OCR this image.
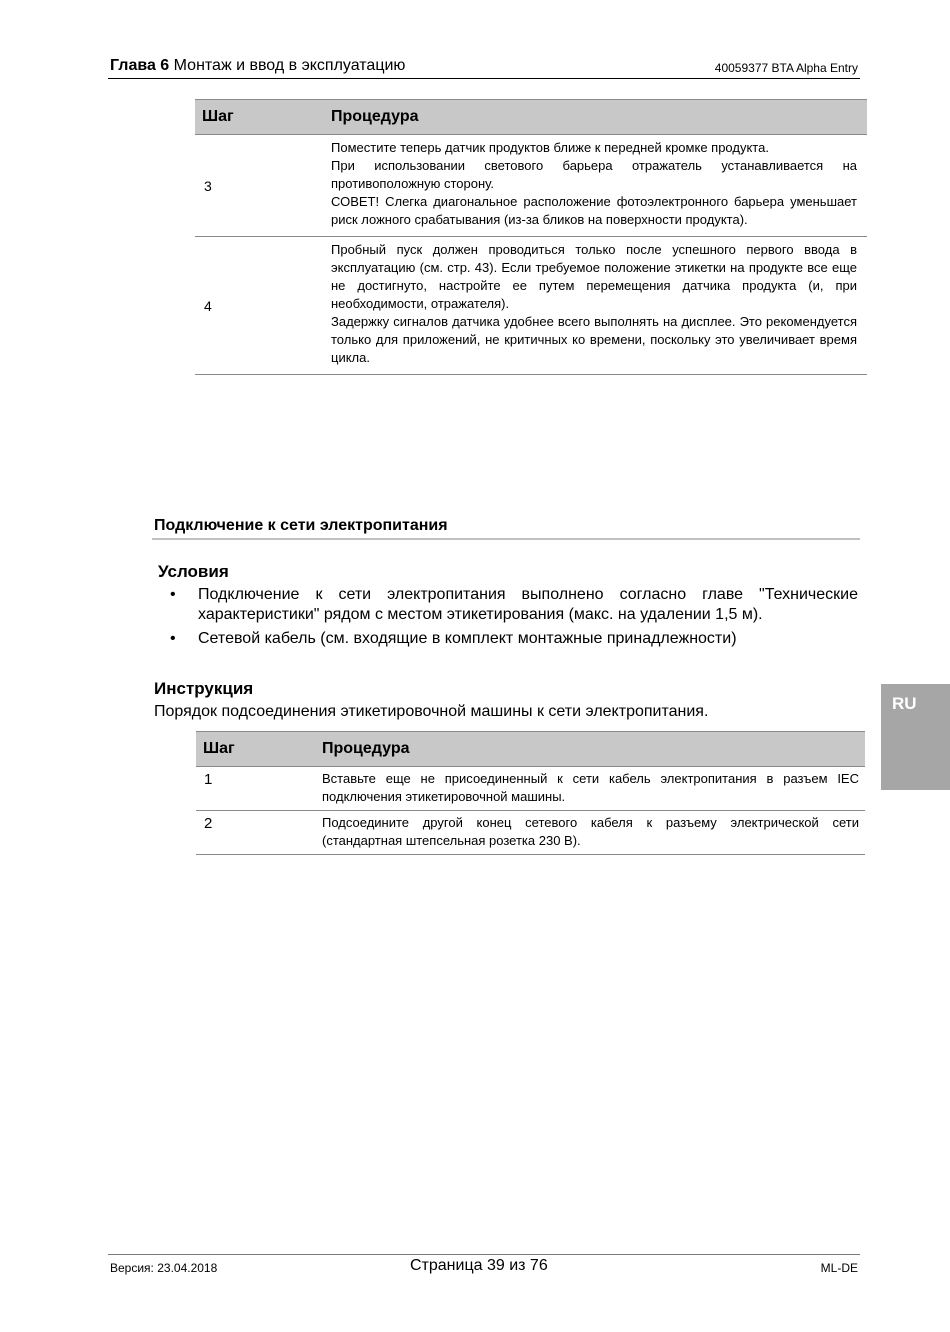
Глава 6 Монтаж и ввод в эксплуатацию	40059377 BTA Alpha Entry
Шаг	Процедура
3	Поместите теперь датчик продуктов ближе к передней кромке продукта.

При использовании светового барьера отражатель устанавливается на противоположную сторону.

СОВЕТ! Слегка диагональное расположение фотоэлектронного барьера уменьшает риск ложного срабатывания (из-за бликов на поверхности продукта).

4	Пробный пуск должен проводиться только после успешного первого ввода в эксплуатацию (см. стр. 43). Если требуемое положение этикетки на продукте все еще не достигнуто, настройте ее путем перемещения датчика продукта (и, при необходимости, отражателя).

Задержку сигналов датчика удобнее всего выполнять на дисплее. Это рекомендуется только для приложений, не критичных ко времени, поскольку это увеличивает время цикла.

Подключение к сети электропитания
Условия
• Подключение к сети электропитания выполнено согласно главе "Технические характеристики" рядом с местом этикетирования (макс. на удалении 1,5 м).
• Сетевой кабель (см. входящие в комплект монтажные принадлежности)
Инструкция
Порядок подсоединения этикетировочной машины к сети электропитания.
Шаг	Процедура
1	Вставьте еще не присоединенный к сети кабель электропитания в разъем IEC подключения этикетировочной машины.
2	Подсоедините другой конец сетевого кабеля к разъему электрической сети (стандартная штепсельная розетка 230 В).
RU
Версия: 23.04.2018	Страница 39 из 76	ML-DE
